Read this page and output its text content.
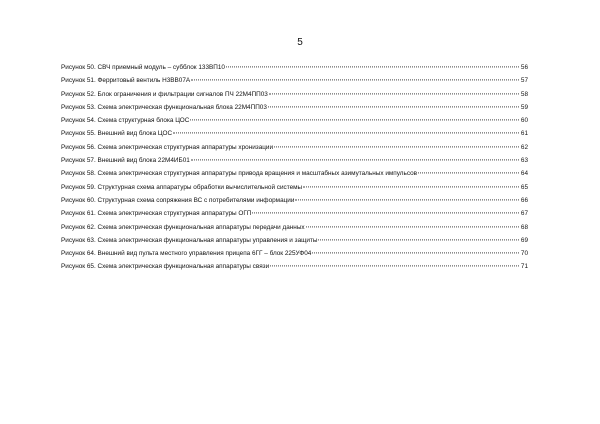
5
Рисунок 50. СВЧ приемный модуль – субблок 133ВП10	56
Рисунок 51. Ферритовый вентиль Н3ВВ07А	57
Рисунок 52. Блок ограничения и фильтрации сигналов ПЧ 22М4ПП03	58
Рисунок 53. Схема электрическая функциональная блока 22М4ПП03	59
Рисунок 54. Схема структурная блока ЦОС	60
Рисунок 55. Внешний вид блока ЦОС	61
Рисунок 56. Схема электрическая структурная аппаратуры хронизации	62
Рисунок 57. Внешний вид блока 22М4ИБ01	63
Рисунок 58. Схема электрическая структурная аппаратуры привода вращения и масштабных азимутальных импульсов	64
Рисунок 59. Структурная схема аппаратуры обработки вычислительной системы	65
Рисунок 60. Структурная схема сопряжения ВС с потребителями информации	66
Рисунок 61. Схема электрическая структурная аппаратуры ОГП	67
Рисунок 62. Схема электрическая функциональная аппаратуры передачи данных	68
Рисунок 63. Схема электрическая функциональная аппаратуры управления и защиты	69
Рисунок 64. Внешний вид пульта местного управления прицепа 6ГГ – блок 225УФ04	70
Рисунок 65. Схема электрическая функциональная аппаратуры связи	71
